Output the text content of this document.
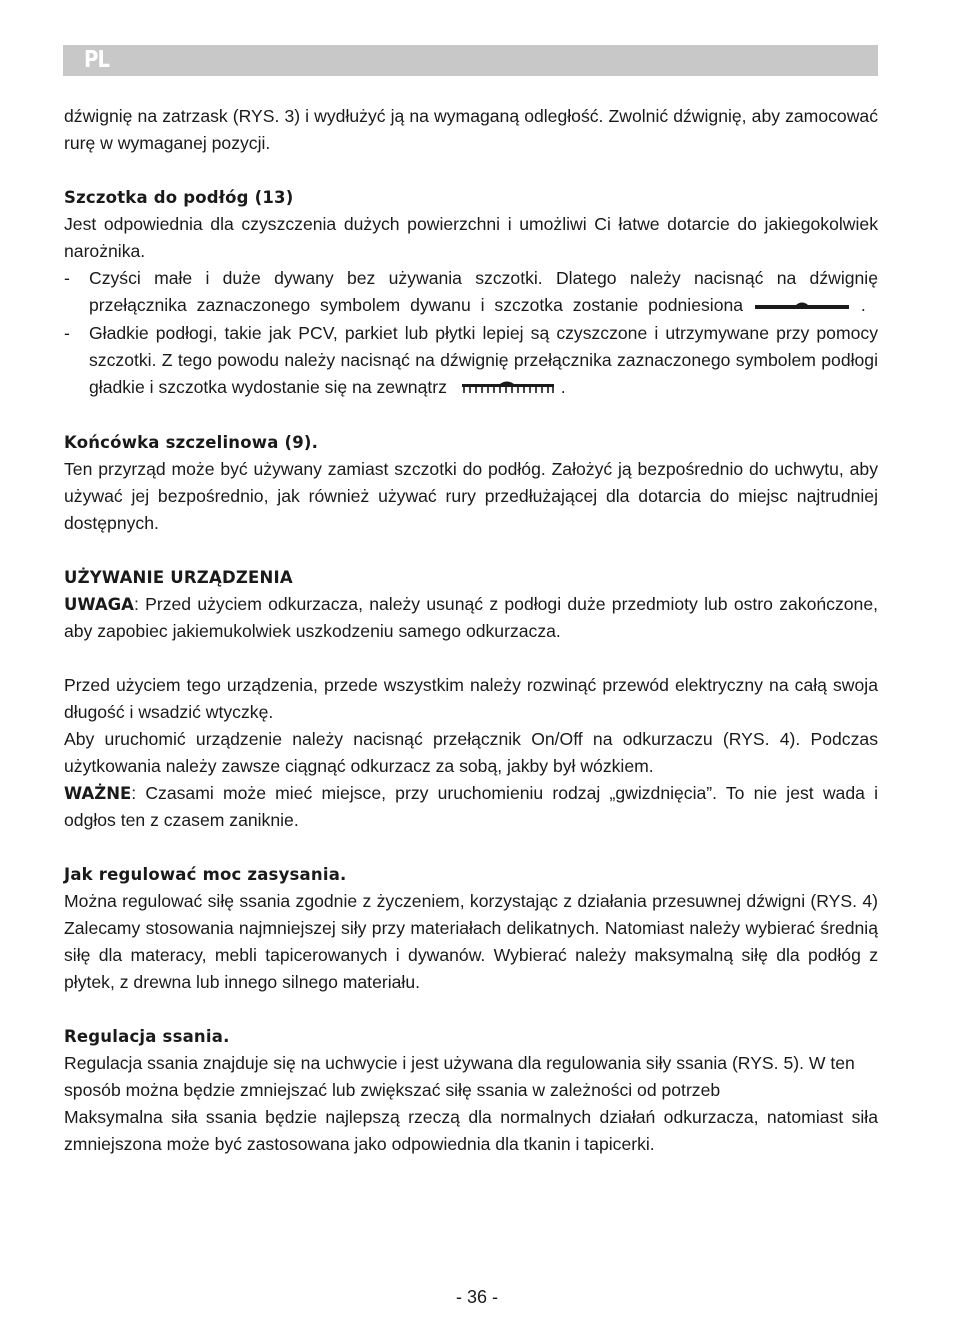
PL

dźwignię na zatrzask (RYS. 3) i wydłużyć ją na wymaganą odległość. Zwolnić dźwignię, aby zamocować rurę w wymaganej pozycji.

Szczotka do podłóg (13)

Jest odpowiednia dla czyszczenia dużych powierzchni i umożliwi Ci łatwe dotarcie do jakiegokolwiek narożnika.

- Czyści małe i duże dywany bez używania szczotki. Dlatego należy nacisnąć na dźwignię przełącznika zaznaczonego symbolem dywanu i szczotka zostanie podniesiona	.

- Gładkie podłogi, takie jak PCV, parkiet lub płytki lepiej są czyszczone i utrzymywane przy pomocy szczotki. Z tego powodu należy nacisnąć na dźwignię przełącznika zaznaczonego symbolem podłogi gładkie i szczotka wydostanie się na zewnątrz	.

Końcówka szczelinowa (9).

Ten przyrząd może być używany zamiast szczotki do podłóg. Założyć ją bezpośrednio do uchwytu, aby używać jej bezpośrednio, jak również używać rury przedłużającej dla dotarcia do miejsc najtrudniej dostępnych.

UŻYWANIE URZĄDZENIA

UWAGA: Przed użyciem odkurzacza, należy usunąć z podłogi duże przedmioty lub ostro zakończone, aby zapobiec jakiemukolwiek uszkodzeniu samego odkurzacza.

Przed użyciem tego urządzenia, przede wszystkim należy rozwinąć przewód elektryczny na całą swoja długość i wsadzić wtyczkę.

Aby uruchomić urządzenie należy nacisnąć przełącznik On/Off na odkurzaczu (RYS. 4). Podczas użytkowania należy zawsze ciągnąć odkurzacz za sobą, jakby był wózkiem.

WAŻNE: Czasami może mieć miejsce, przy uruchomieniu rodzaj „gwizdnięcia”. To nie jest wada i odgłos ten z czasem zaniknie.

Jak regulować moc zasysania.

Można regulować siłę ssania zgodnie z życzeniem, korzystając z działania przesuwnej dźwigni (RYS. 4) Zalecamy stosowania najmniejszej siły przy materiałach delikatnych. Natomiast należy wybierać średnią siłę dla materacy, mebli tapicerowanych i dywanów. Wybierać należy maksymalną siłę dla podłóg z płytek, z drewna lub innego silnego materiału.

Regulacja ssania.

Regulacja ssania znajduje się na uchwycie i jest używana dla regulowania siły ssania (RYS. 5). W ten sposób można będzie zmniejszać lub zwiększać siłę ssania w zależności od potrzeb

Maksymalna siła ssania będzie najlepszą rzeczą dla normalnych działań odkurzacza, natomiast siła zmniejszona może być zastosowana jako odpowiednia dla tkanin i tapicerki.

- 36 -
